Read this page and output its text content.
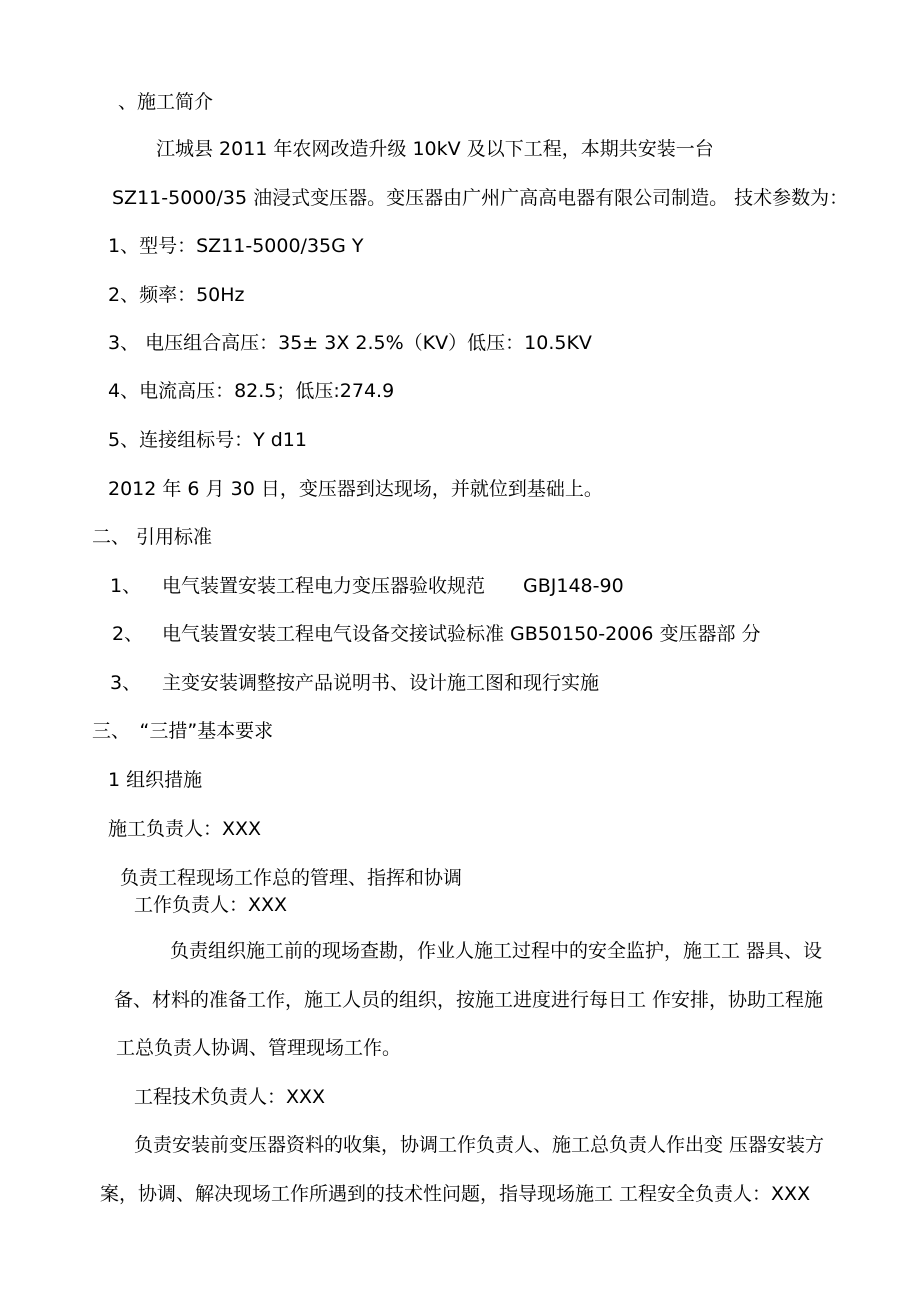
、施工简介
江城县 2011 年农网改造升级 10kV 及以下工程，本期共安装一台
SZ11-5000/35 油浸式变压器。变压器由广州广高高电器有限公司制造。 技术参数为：
1、型号：SZ11-5000/35G Y
2、频率：50Hz
3、 电压组合高压：35± 3X 2.5%（KV）低压：10.5KV
4、电流高压：82.5；低压:274.9
5、连接组标号：Y d11
2012 年 6 月 30 日，变压器到达现场，并就位到基础上。
二、 引用标准
1、 电气装置安装工程电力变压器验收规范　　GBJ148-90
2、 电气装置安装工程电气设备交接试验标准 GB50150-2006 变压器部 分
3、 主变安装调整按产品说明书、设计施工图和现行实施
三、　“三措”基本要求
1 组织措施
施工负责人：XXX
负责工程现场工作总的管理、指挥和协调
工作负责人：XXX
负责组织施工前的现场查勘，作业人施工过程中的安全监护，施工工 器具、设
备、材料的准备工作，施工人员的组织，按施工进度进行每日工 作安排，协助工程施
工总负责人协调、管理现场工作。
工程技术负责人：XXX
负责安装前变压器资料的收集，协调工作负责人、施工总负责人作出变 压器安装方
案，协调、解决现场工作所遇到的技术性问题，指导现场施工 工程安全负责人：XXX
